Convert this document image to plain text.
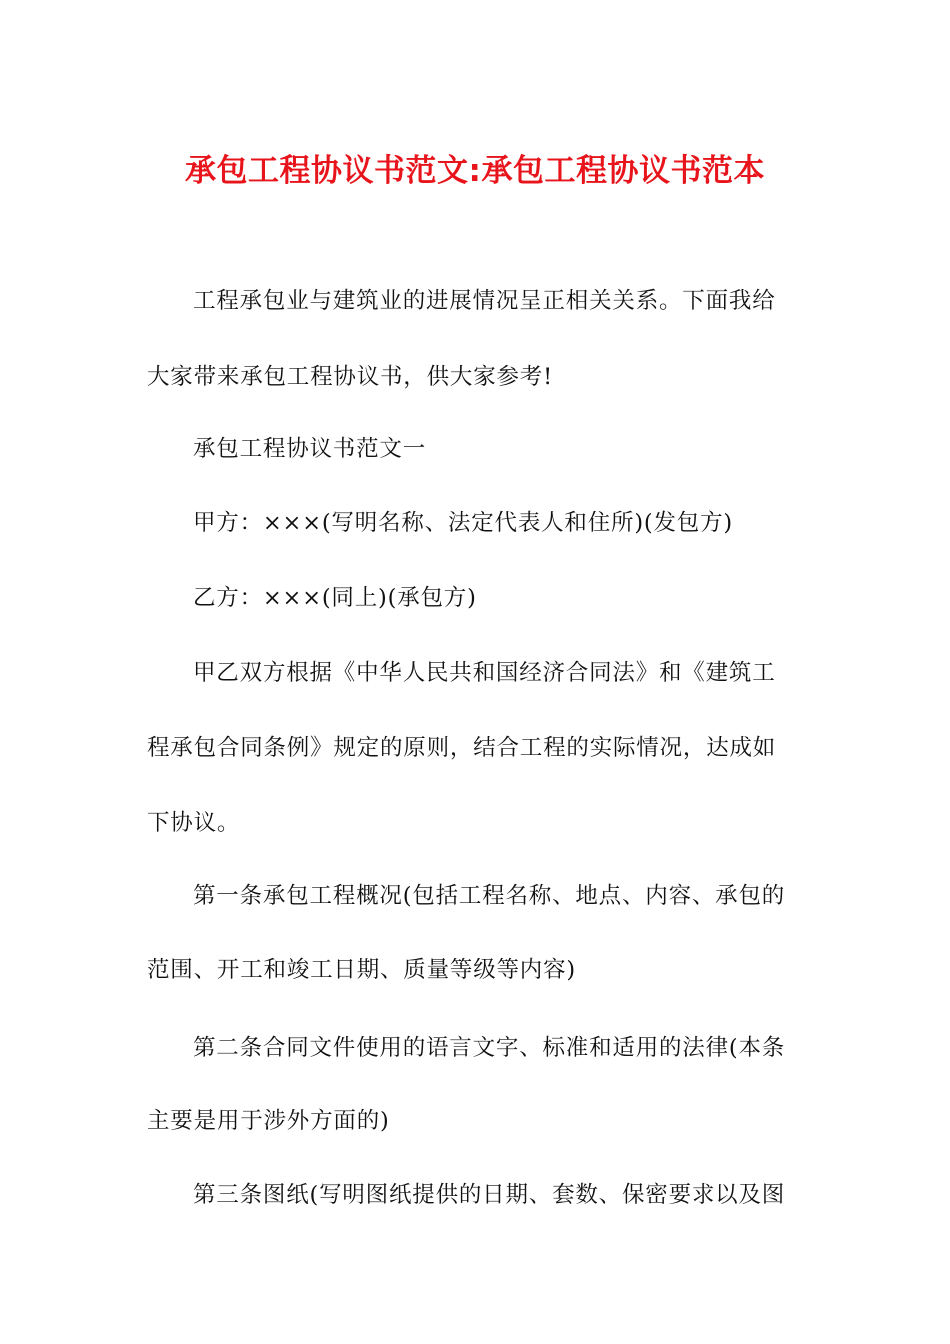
承包工程协议书范文:承包工程协议书范本
工程承包业与建筑业的进展情况呈正相关关系。下面我给
大家带来承包工程协议书，供大家参考!
承包工程协议书范文一
甲方：×××(写明名称、法定代表人和住所)(发包方)
乙方：×××(同上)(承包方)
甲乙双方根据《中华人民共和国经济合同法》和《建筑工
程承包合同条例》规定的原则，结合工程的实际情况，达成如
下协议。
第一条承包工程概况(包括工程名称、地点、内容、承包的
范围、开工和竣工日期、质量等级等内容)
第二条合同文件使用的语言文字、标准和适用的法律(本条
主要是用于涉外方面的)
第三条图纸(写明图纸提供的日期、套数、保密要求以及图
